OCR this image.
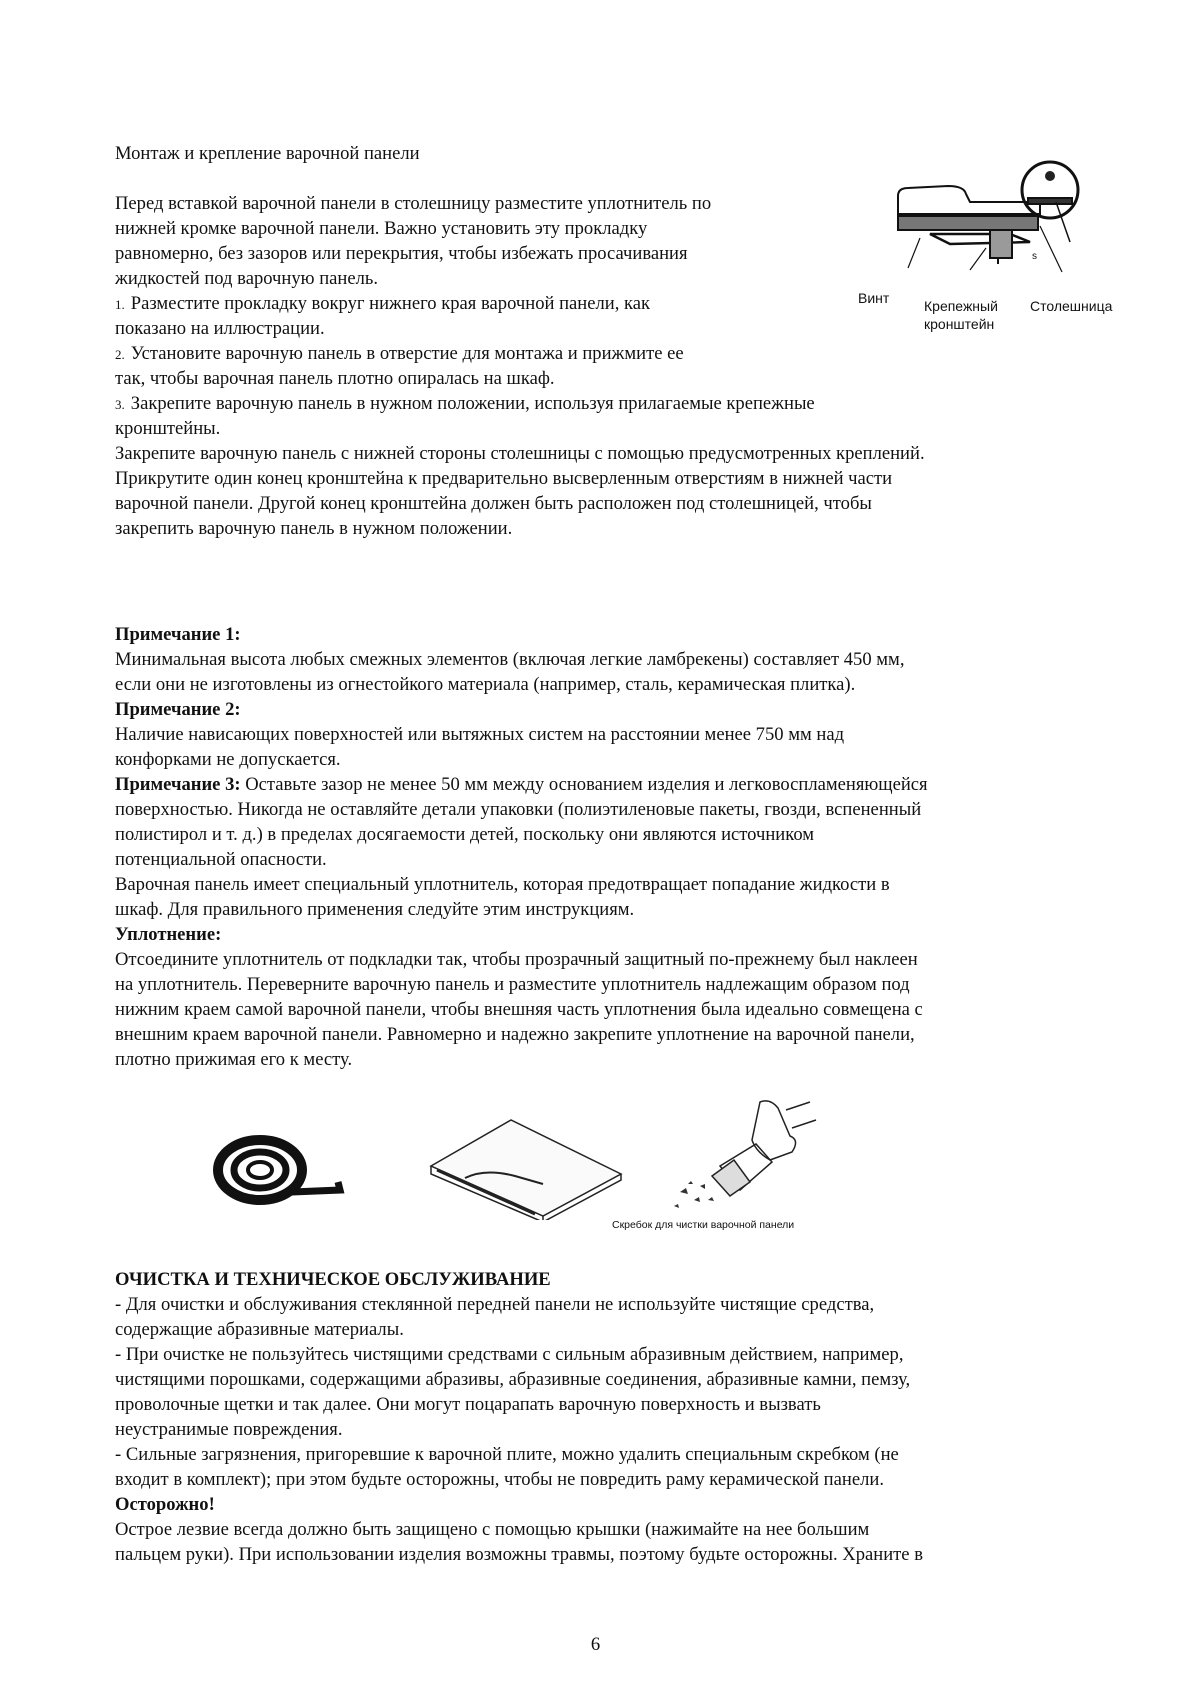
Монтаж и крепление варочной панели
Перед вставкой варочной панели в столешницу разместите уплотнитель по
нижней кромке варочной панели. Важно установить эту прокладку
равномерно, без зазоров или перекрытия, чтобы избежать просачивания
жидкостей под варочную панель.
1. Разместите прокладку вокруг нижнего края варочной панели, как
показано на иллюстрации.
2. Установите варочную панель в отверстие для монтажа и прижмите ее
так, чтобы варочная панель плотно опиралась на шкаф.
3. Закрепите варочную панель в нужном положении, используя прилагаемые крепежные
кронштейны.
Закрепите варочную панель с нижней стороны столешницы с помощью предусмотренных креплений.
Прикрутите один конец кронштейна к предварительно высверленным отверстиям в нижней части
варочной панели. Другой конец кронштейна должен быть расположен под столешницей, чтобы
закрепить варочную панель в нужном положении.
Винт Крепежный
кронштейн
Столешница
s
Примечание 1:
Минимальная высота любых смежных элементов (включая легкие ламбрекены) составляет 450 мм,
если они не изготовлены из огнестойкого материала (например, сталь, керамическая плитка).
Примечание 2:
Наличие нависающих поверхностей или вытяжных систем на расстоянии менее 750 мм над
конфорками не допускается.
Примечание 3: Оставьте зазор не менее 50 мм между основанием изделия и легковоспламеняющейся
поверхностью. Никогда не оставляйте детали упаковки (полиэтиленовые пакеты, гвозди, вспененный
полистирол и т. д.) в пределах досягаемости детей, поскольку они являются источником
потенциальной опасности.
Варочная панель имеет специальный уплотнитель, которая предотвращает попадание жидкости в
шкаф. Для правильного применения следуйте этим инструкциям.
Уплотнение:
Отсоедините уплотнитель от подкладки так, чтобы прозрачный защитный по-прежнему был наклеен
на уплотнитель. Переверните варочную панель и разместите уплотнитель надлежащим образом под
нижним краем самой варочной панели, чтобы внешняя часть уплотнения была идеально совмещена с
внешним краем варочной панели. Равномерно и надежно закрепите уплотнение на варочной панели,
плотно прижимая его к месту.
Скребок для чистки варочной панели
ОЧИСТКА И ТЕХНИЧЕСКОЕ ОБСЛУЖИВАНИЕ
- Для очистки и обслуживания стеклянной передней панели не используйте чистящие средства,
содержащие абразивные материалы.
- При очистке не пользуйтесь чистящими средствами с сильным абразивным действием, например,
чистящими порошками, содержащими абразивы, абразивные соединения, абразивные камни, пемзу,
проволочные щетки и так далее. Они могут поцарапать варочную поверхность и вызвать
неустранимые повреждения.
- Сильные загрязнения, пригоревшие к варочной плите, можно удалить специальным скребком (не
входит в комплект); при этом будьте осторожны, чтобы не повредить раму керамической панели.
Осторожно!
Острое лезвие всегда должно быть защищено с помощью крышки (нажимайте на нее большим
пальцем руки). При использовании изделия возможны травмы, поэтому будьте осторожны. Храните в
6
